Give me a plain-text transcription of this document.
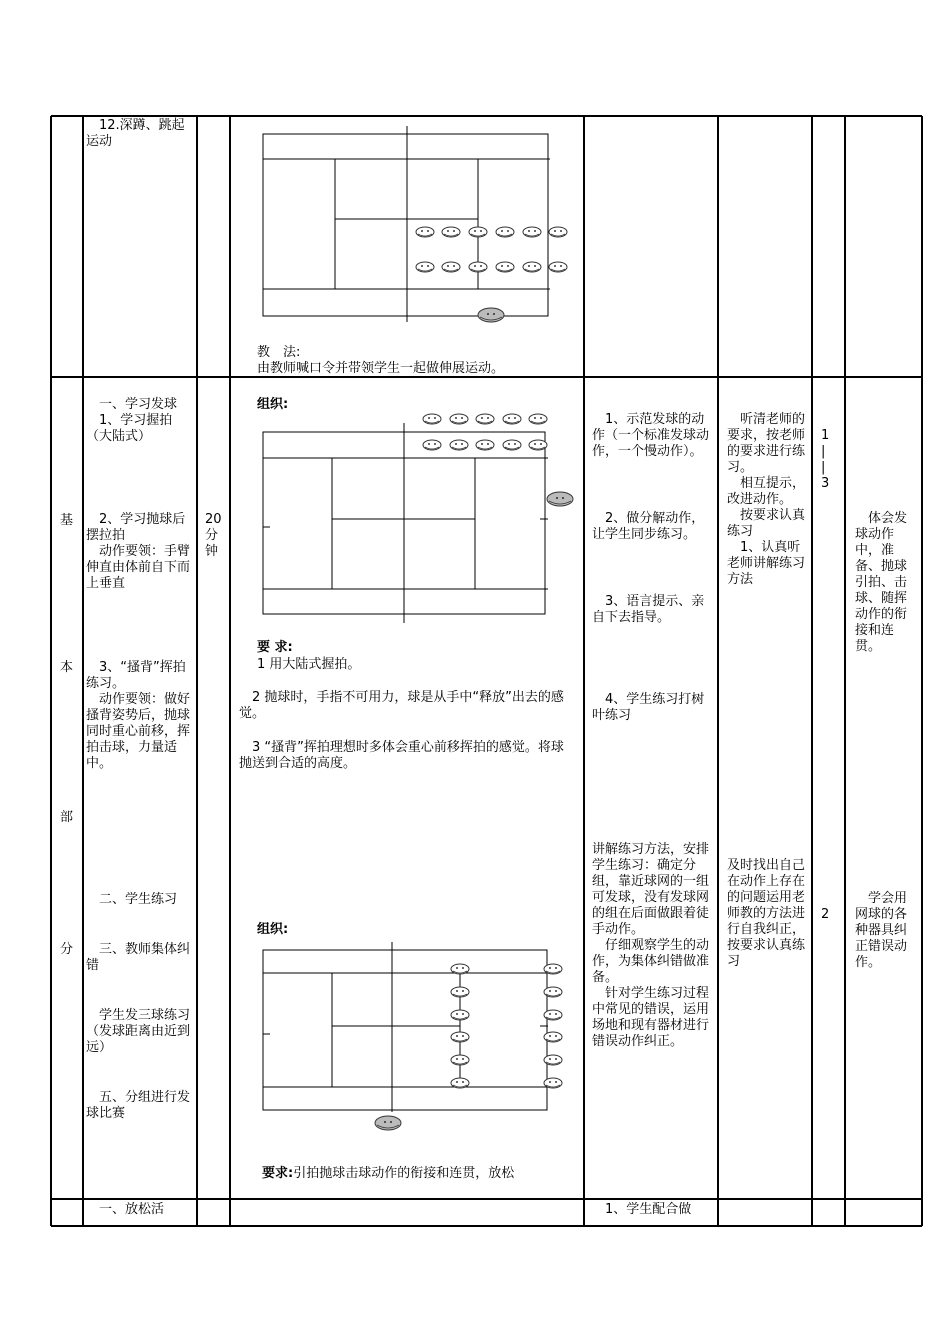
　12.深蹲、跳起运动
教　法:
由教师喊口令并带领学生一起做伸展运动。
基
本
部
分
　一、学习发球
　1、学习握拍（大陆式）
　2、学习抛球后摆拉拍
　动作要领：手臂伸直由体前自下而上垂直
　3、“搔背”挥拍练习。
　动作要领：做好搔背姿势后，抛球同时重心前移，挥拍击球，力量适中。
　二、学生练习
　三、教师集体纠错
　学生发三球练习（发球距离由近到远）
　五、分组进行发球比赛
20
分
钟
组织:
要 求:
1 用大陆式握拍。
　2 抛球时，手指不可用力，球是从手中“释放”出去的感觉。
　3 “搔背”挥拍理想时多体会重心前移挥拍的感觉。将球抛送到合适的高度。
组织:
要求:引拍抛球击球动作的衔接和连贯，放松
　1、示范发球的动作（一个标准发球动作，一个慢动作）。
　2、做分解动作，让学生同步练习。
　3、语言提示、亲自下去指导。
　4、学生练习打树叶练习
讲解练习方法，安排学生练习：确定分组，靠近球网的一组可发球，没有发球网的组在后面做跟着徒手动作。
　仔细观察学生的动作，为集体纠错做准备。
　针对学生练习过程中常见的错误，运用场地和现有器材进行错误动作纠正。
　听清老师的要求，按老师的要求进行练习。
　相互提示，改进动作。
　按要求认真练习
　1、认真听老师讲解练习方法
及时找出自己在动作上存在的问题运用老师教的方法进行自我纠正，按要求认真练习
1
|
|
3
2
　体会发球动作中，准备、抛球引拍、击球、随挥动作的衔接和连贯。
　学会用网球的各种器具纠正错误动作。
　一、放松活	　1、学生配合做
